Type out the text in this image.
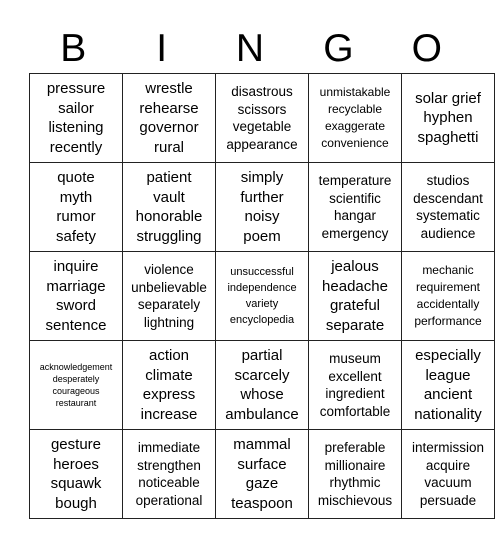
B	I	N	G	O
pressure
sailor
listening
recently	wrestle
rehearse
governor
rural	disastrous
scissors
vegetable
appearance	unmistakable
recyclable
exaggerate
convenience	solar grief
hyphen
spaghetti

quote
myth
rumor
safety	patient
vault
honorable
struggling	simply
further
noisy
poem	temperature
scientific
hangar
emergency	studios
descendant
systematic
audience

inquire
marriage
sword
sentence	violence
unbelievable
separately
lightning	unsuccessful
independence
variety
encyclopedia	jealous
headache
grateful
separate	mechanic
requirement
accidentally
performance

acknowledgement
desperately
courageous
restaurant	action
climate
express
increase	partial
scarcely
whose
ambulance	museum
excellent
ingredient
comfortable	especially
league
ancient
nationality

gesture
heroes
squawk
bough	immediate
strengthen
noticeable
operational	mammal
surface
gaze
teaspoon	preferable
millionaire
rhythmic
mischievous	intermission
acquire
vacuum
persuade
